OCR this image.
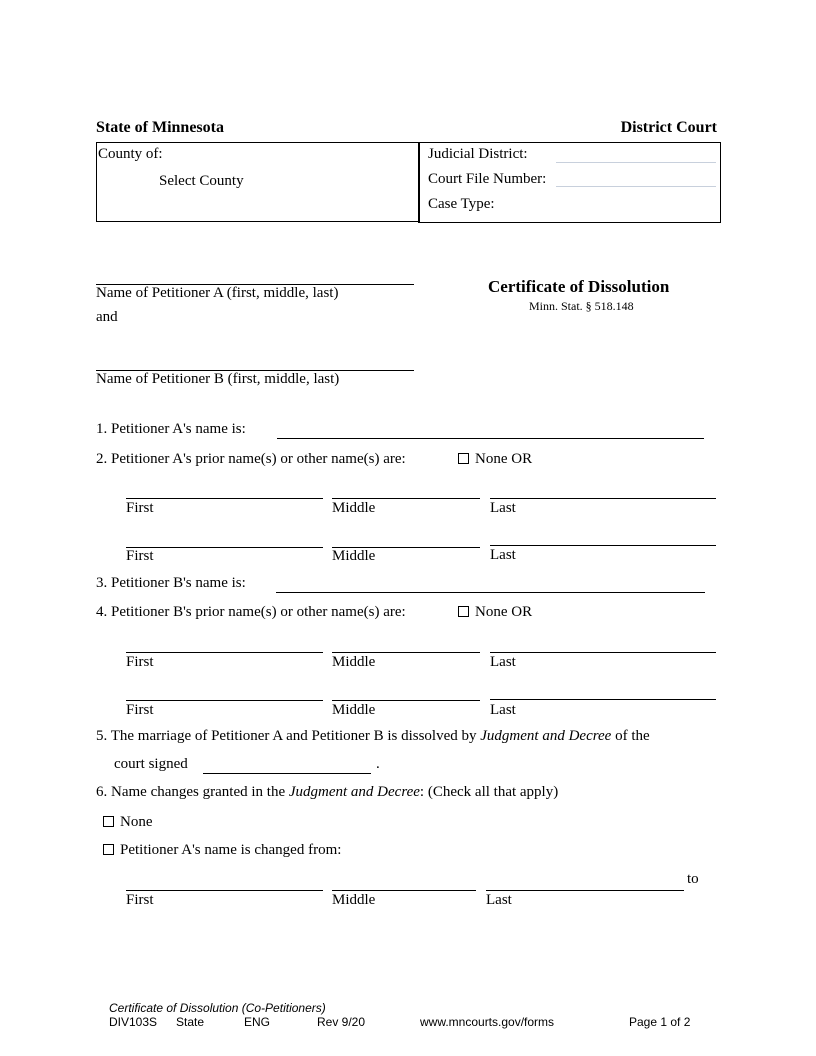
State of Minnesota	District Court
County of:
Select County
Judicial District:
Court File Number:
Case Type:
Name of Petitioner A (first, middle, last)
and
Name of Petitioner B (first, middle, last)
Certificate of Dissolution
Minn. Stat. § 518.148
1. Petitioner A's name is:
2. Petitioner A's prior name(s) or other name(s) are:	None OR
First	Middle	Last
First	Middle	Last
3. Petitioner B's name is:
4. Petitioner B's prior name(s) or other name(s) are:	None OR
First	Middle	Last
First	Middle	Last
5. The marriage of Petitioner A and Petitioner B is dissolved by Judgment and Decree of the
court signed	.
6. Name changes granted in the Judgment and Decree: (Check all that apply)
None
Petitioner A's name is changed from:
to
First	Middle	Last
Certificate of Dissolution (Co-Petitioners)
DIV103S State	ENG	Rev 9/20	www.mncourts.gov/forms	Page 1 of 2
